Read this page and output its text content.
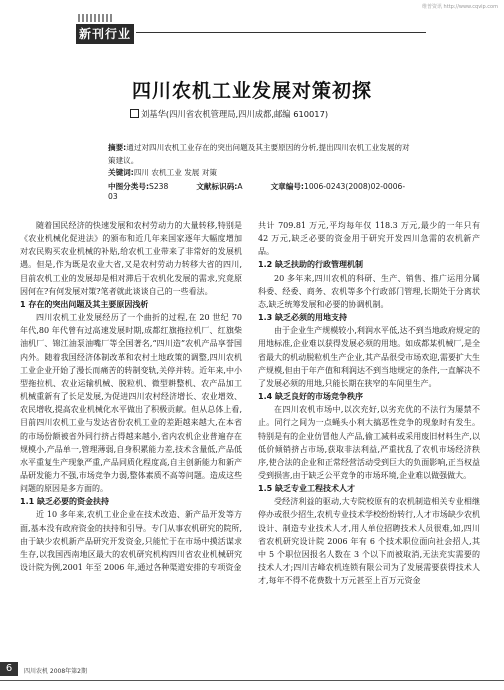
维普资讯 http://www.cqvip.com
新刊行业
四川农机工业发展对策初探
刘基华(四川省农机管理局,四川成都,邮编 610017)
摘要:通过对四川农机工业存在的突出问题及其主要原因的分析,提出四川农机工业发展的对策建议。
关键词:四川 农机工业 发展 对策
中图分类号:S238	文献标识码:A	文章编号:1006-0243(2008)02-0006-03

随着国民经济的快速发展和农村劳动力的大量转移,特别是《农业机械化促进法》的颁布和近几年来国家逐年大幅度增加对农民购买农业机械的补贴,给农机工业带来了非常好的发展机遇。但是,作为既是农业大省,又是农村劳动力转移大省的四川,目前农机工业的发展却是相对滞后于农机化发展的需求,究竟原因何在?有何发展对策?笔者就此谈谈自己的一些看法。

1 存在的突出问题及其主要原因浅析

四川农机工业发展经历了一个曲折的过程,在 20 世纪 70 年代,80 年代曾有过高速发展时期,成都红旗拖拉机厂、红旗柴油机厂、锦江油泵油嘴厂等全国著名,“四川造”农机产品享誉国内外。随着我国经济体制改革和农村土地政策的调整,四川农机工业企业开始了漫长而痛苦的转制变轨,关停并转。近年来,中小型拖拉机、农业运输机械、脱粒机、微型耕整机、农产品加工机械重新有了长足发展,为促进四川农村经济增长、农业增效、农民增收,提高农业机械化水平做出了积极贡献。但从总体上看,目前四川农机工业与发达省份农机工业的差距越来越大,在本省的市场份额被省外同行挤占得越来越小,省内农机企业普遍存在规模小,产品单一,管理薄弱,自身积累能力差,技术含量低,产品低水平重复生产现象严重,产品同质化程度高,自主创新能力和新产品研发能力不强,市场竞争力弱,整体素质不高等问题。造成这些问题的原因是多方面的。

1.1 缺乏必要的资金扶持

近 10 多年来,农机工业企业在技术改造、新产品开发等方面,基本没有政府资金的扶持和引导。专门从事农机研究的院所,由于缺少农机新产品研究开发资金,只能忙于在市场中摸活谋求生存,以我国西南地区最大的农机研究机构四川省农业机械研究设计院为例,2001 年至 2006 年,通过各种渠道安排的专项资金

共计 709.81 万元,平均每年仅 118.3 万元,最少的一年只有 42 万元,缺乏必要的资金用于研究开发四川急需的农机新产品。

1.2 缺乏扶助的行政管理机制

20 多年来,四川农机的科研、生产、销售、推广运用分属科委、经委、商务、农机等多个行政部门管理,长期处于分离状态,缺乏统筹发展和必要的协调机制。

1.3 缺乏必须的用地支持

由于企业生产规模较小,利润水平低,达不到当地政府规定的用地标准,企业难以获得发展必须的用地。如成都某机械厂,是全省最大的机动脱粒机生产企业,其产品很受市场欢迎,需要扩大生产规模,但由于年产值和利润达不到当地规定的条件,一直解决不了发展必须的用地,只能长期在狭窄的车间里生产。

1.4 缺乏良好的市场竞争秩序

在四川农机市场中,以次充好,以劣充优的不法行为屡禁不止。同行之间为一点蝇头小利大搞恶性竞争的现象时有发生。特别是有的企业仿冒他人产品,偷工减料或采用废旧材料生产,以低价倾销挤占市场,获取非法利益,严重扰乱了农机市场经济秩序,使合法的企业和正常经营活动受到巨大的负面影响,正当权益受到损害,由于缺乏公平竞争的市场环境,企业难以做强做大。

1.5 缺乏专业工程技术人才

受经济利益的驱动,大专院校原有的农机制造相关专业相继停办或很少招生,农机专业技术学校纷纷转行,人才市场缺少农机设计、制造专业技术人才,用人单位招聘技术人员很难,如,四川省农机研究设计院 2006 年有 6 个技术职位面向社会招人,其中 5 个职位因报名人数在 3 个以下而被取消,无法充实需要的技术人才;四川吉峰农机连锁有限公司为了发展需要获得技术人才,每年不得不花费数十万元甚至上百万元资金

6	四川农机 2008年第2期
